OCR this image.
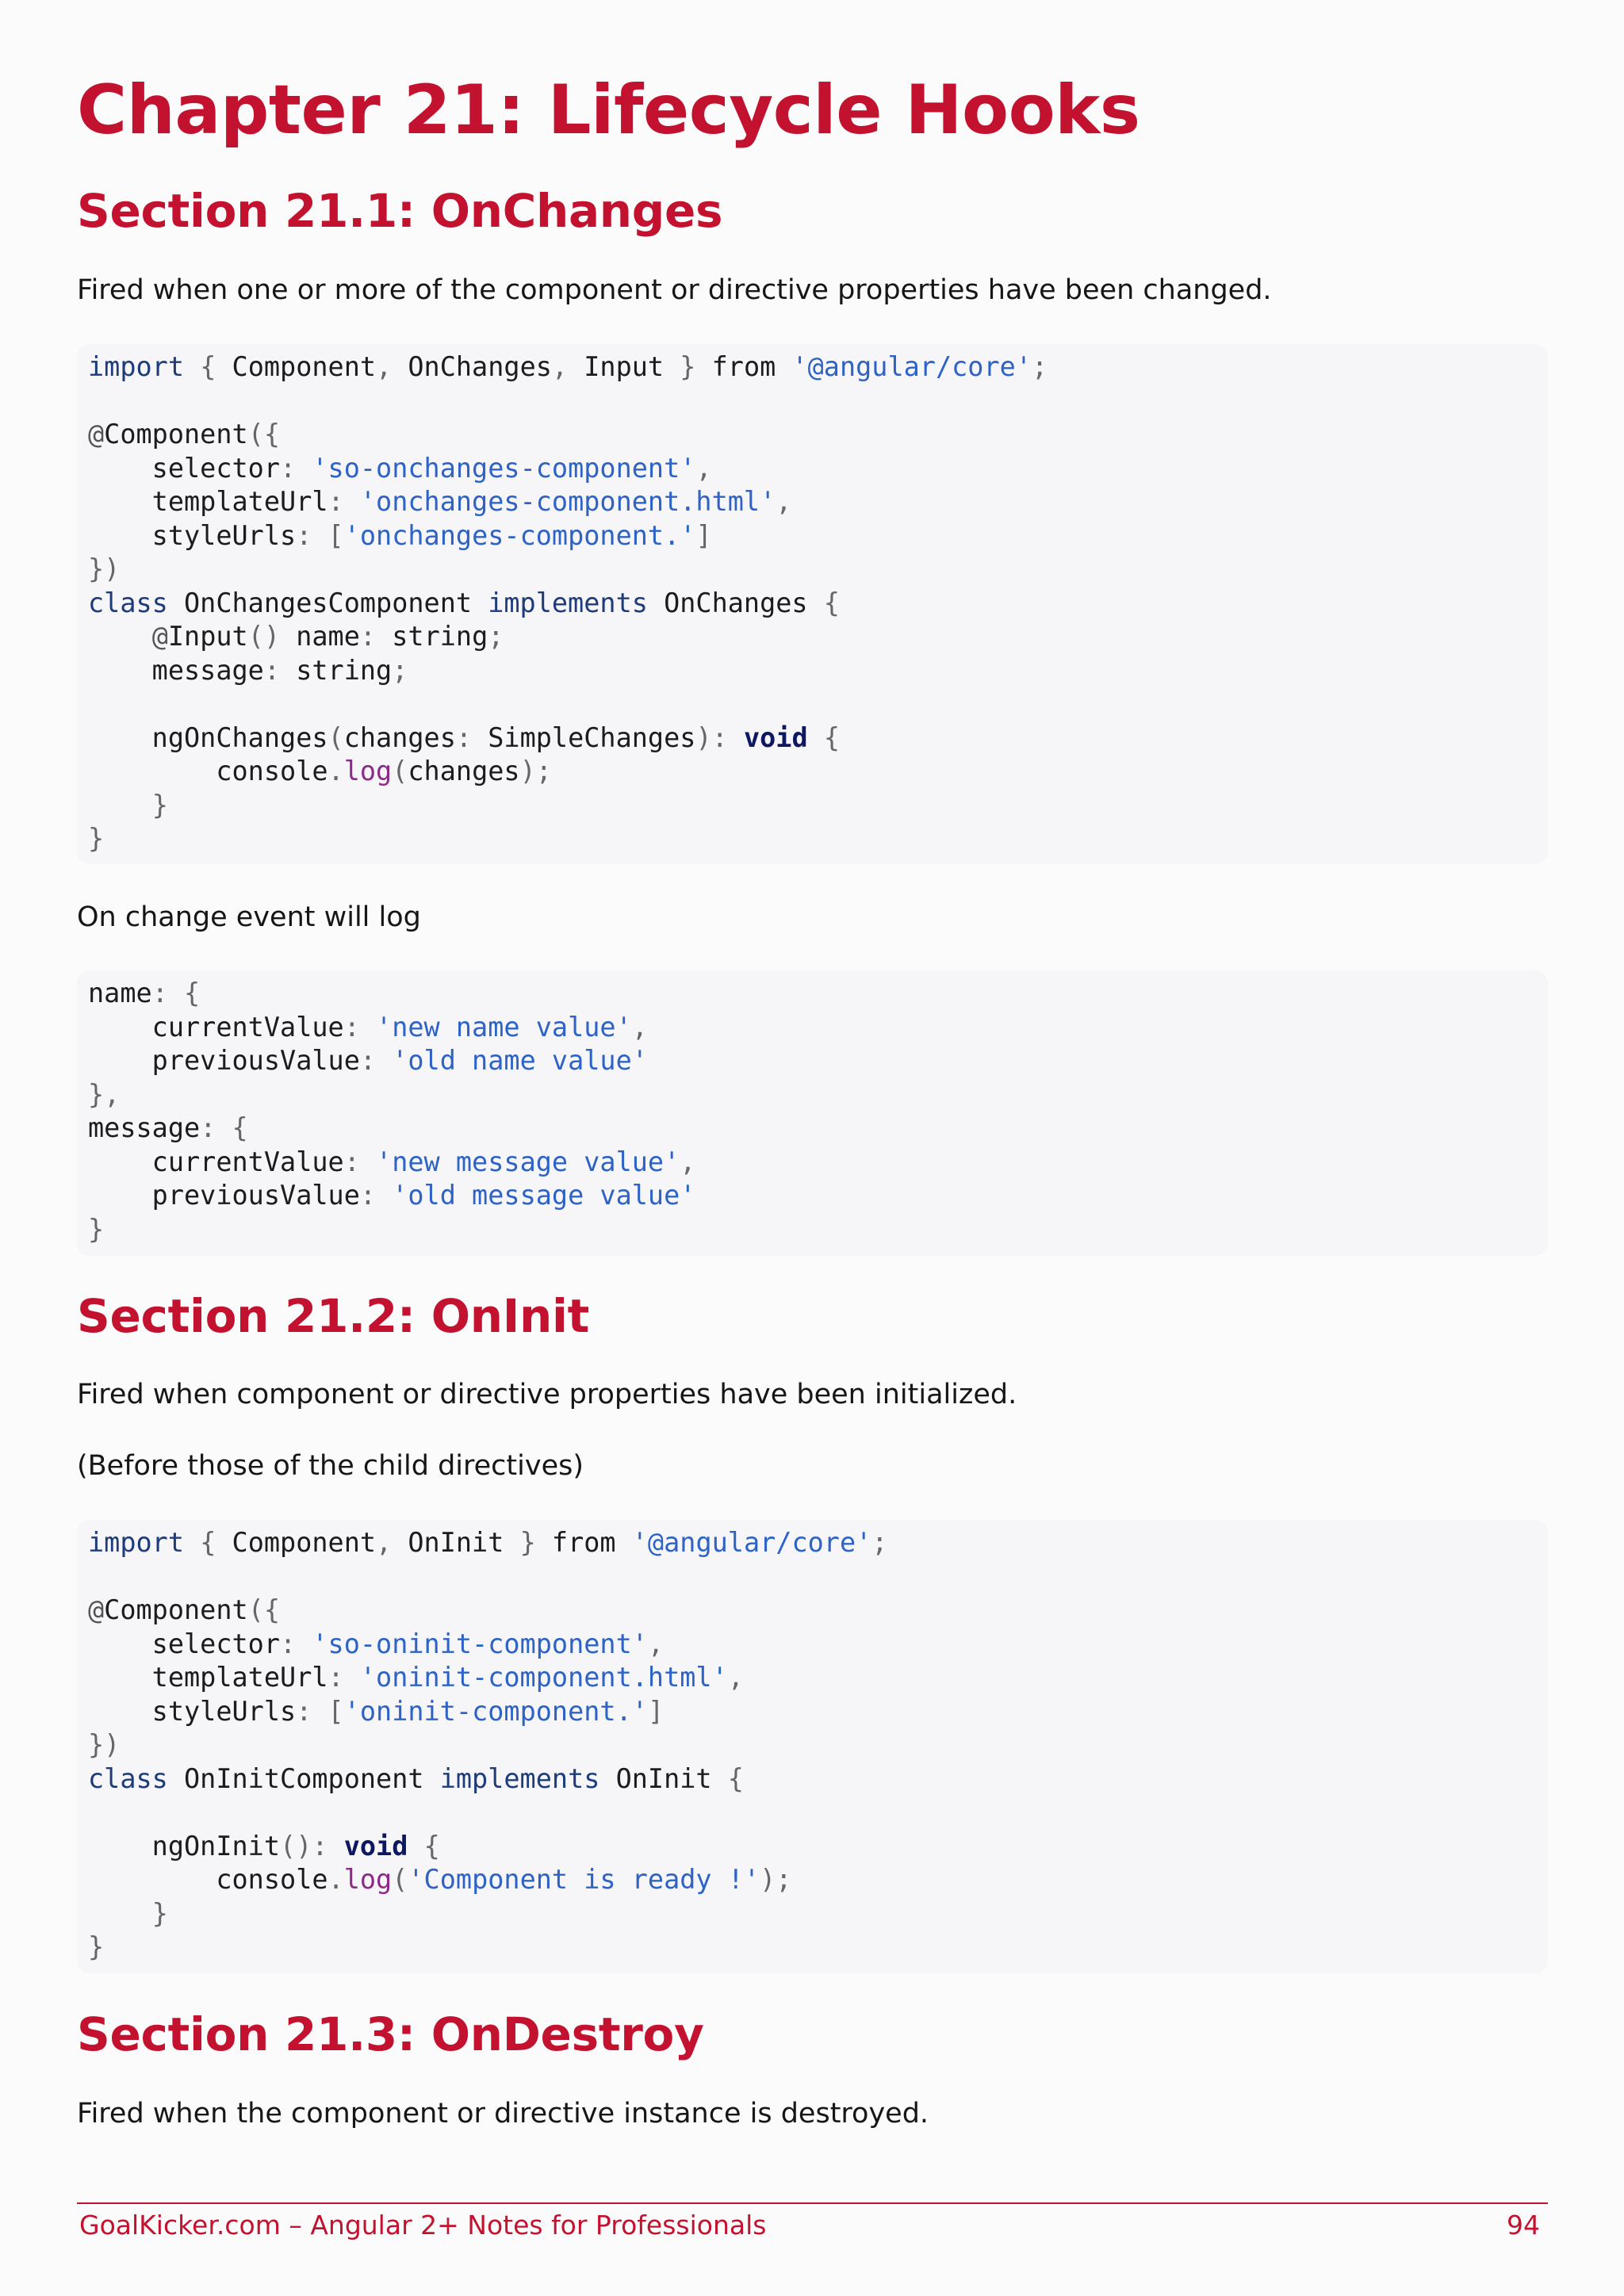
Chapter 21: Lifecycle Hooks
Section 21.1: OnChanges

Fired when one or more of the component or directive properties have been changed.

import { Component, OnChanges, Input } from '@angular/core';

@Component({
selector: 'so-onchanges-component',
templateUrl: 'onchanges-component.html',
styleUrls: ['onchanges-component.']
})
class OnChangesComponent implements OnChanges {
@Input() name: string;
message: string;

ngOnChanges(changes: SimpleChanges): void {
console.log(changes);
}
}

On change event will log

name: {
currentValue: 'new name value',
previousValue: 'old name value'
},
message: {
currentValue: 'new message value',
previousValue: 'old message value'
}
Section 21.2: OnInit

Fired when component or directive properties have been initialized.

(Before those of the child directives)

import { Component, OnInit } from '@angular/core';

@Component({
selector: 'so-oninit-component',
templateUrl: 'oninit-component.html',
styleUrls: ['oninit-component.']
})
class OnInitComponent implements OnInit {

ngOnInit(): void {
console.log('Component is ready !');
}
}
Section 21.3: OnDestroy

Fired when the component or directive instance is destroyed.

GoalKicker.com – Angular 2+ Notes for Professionals	94
